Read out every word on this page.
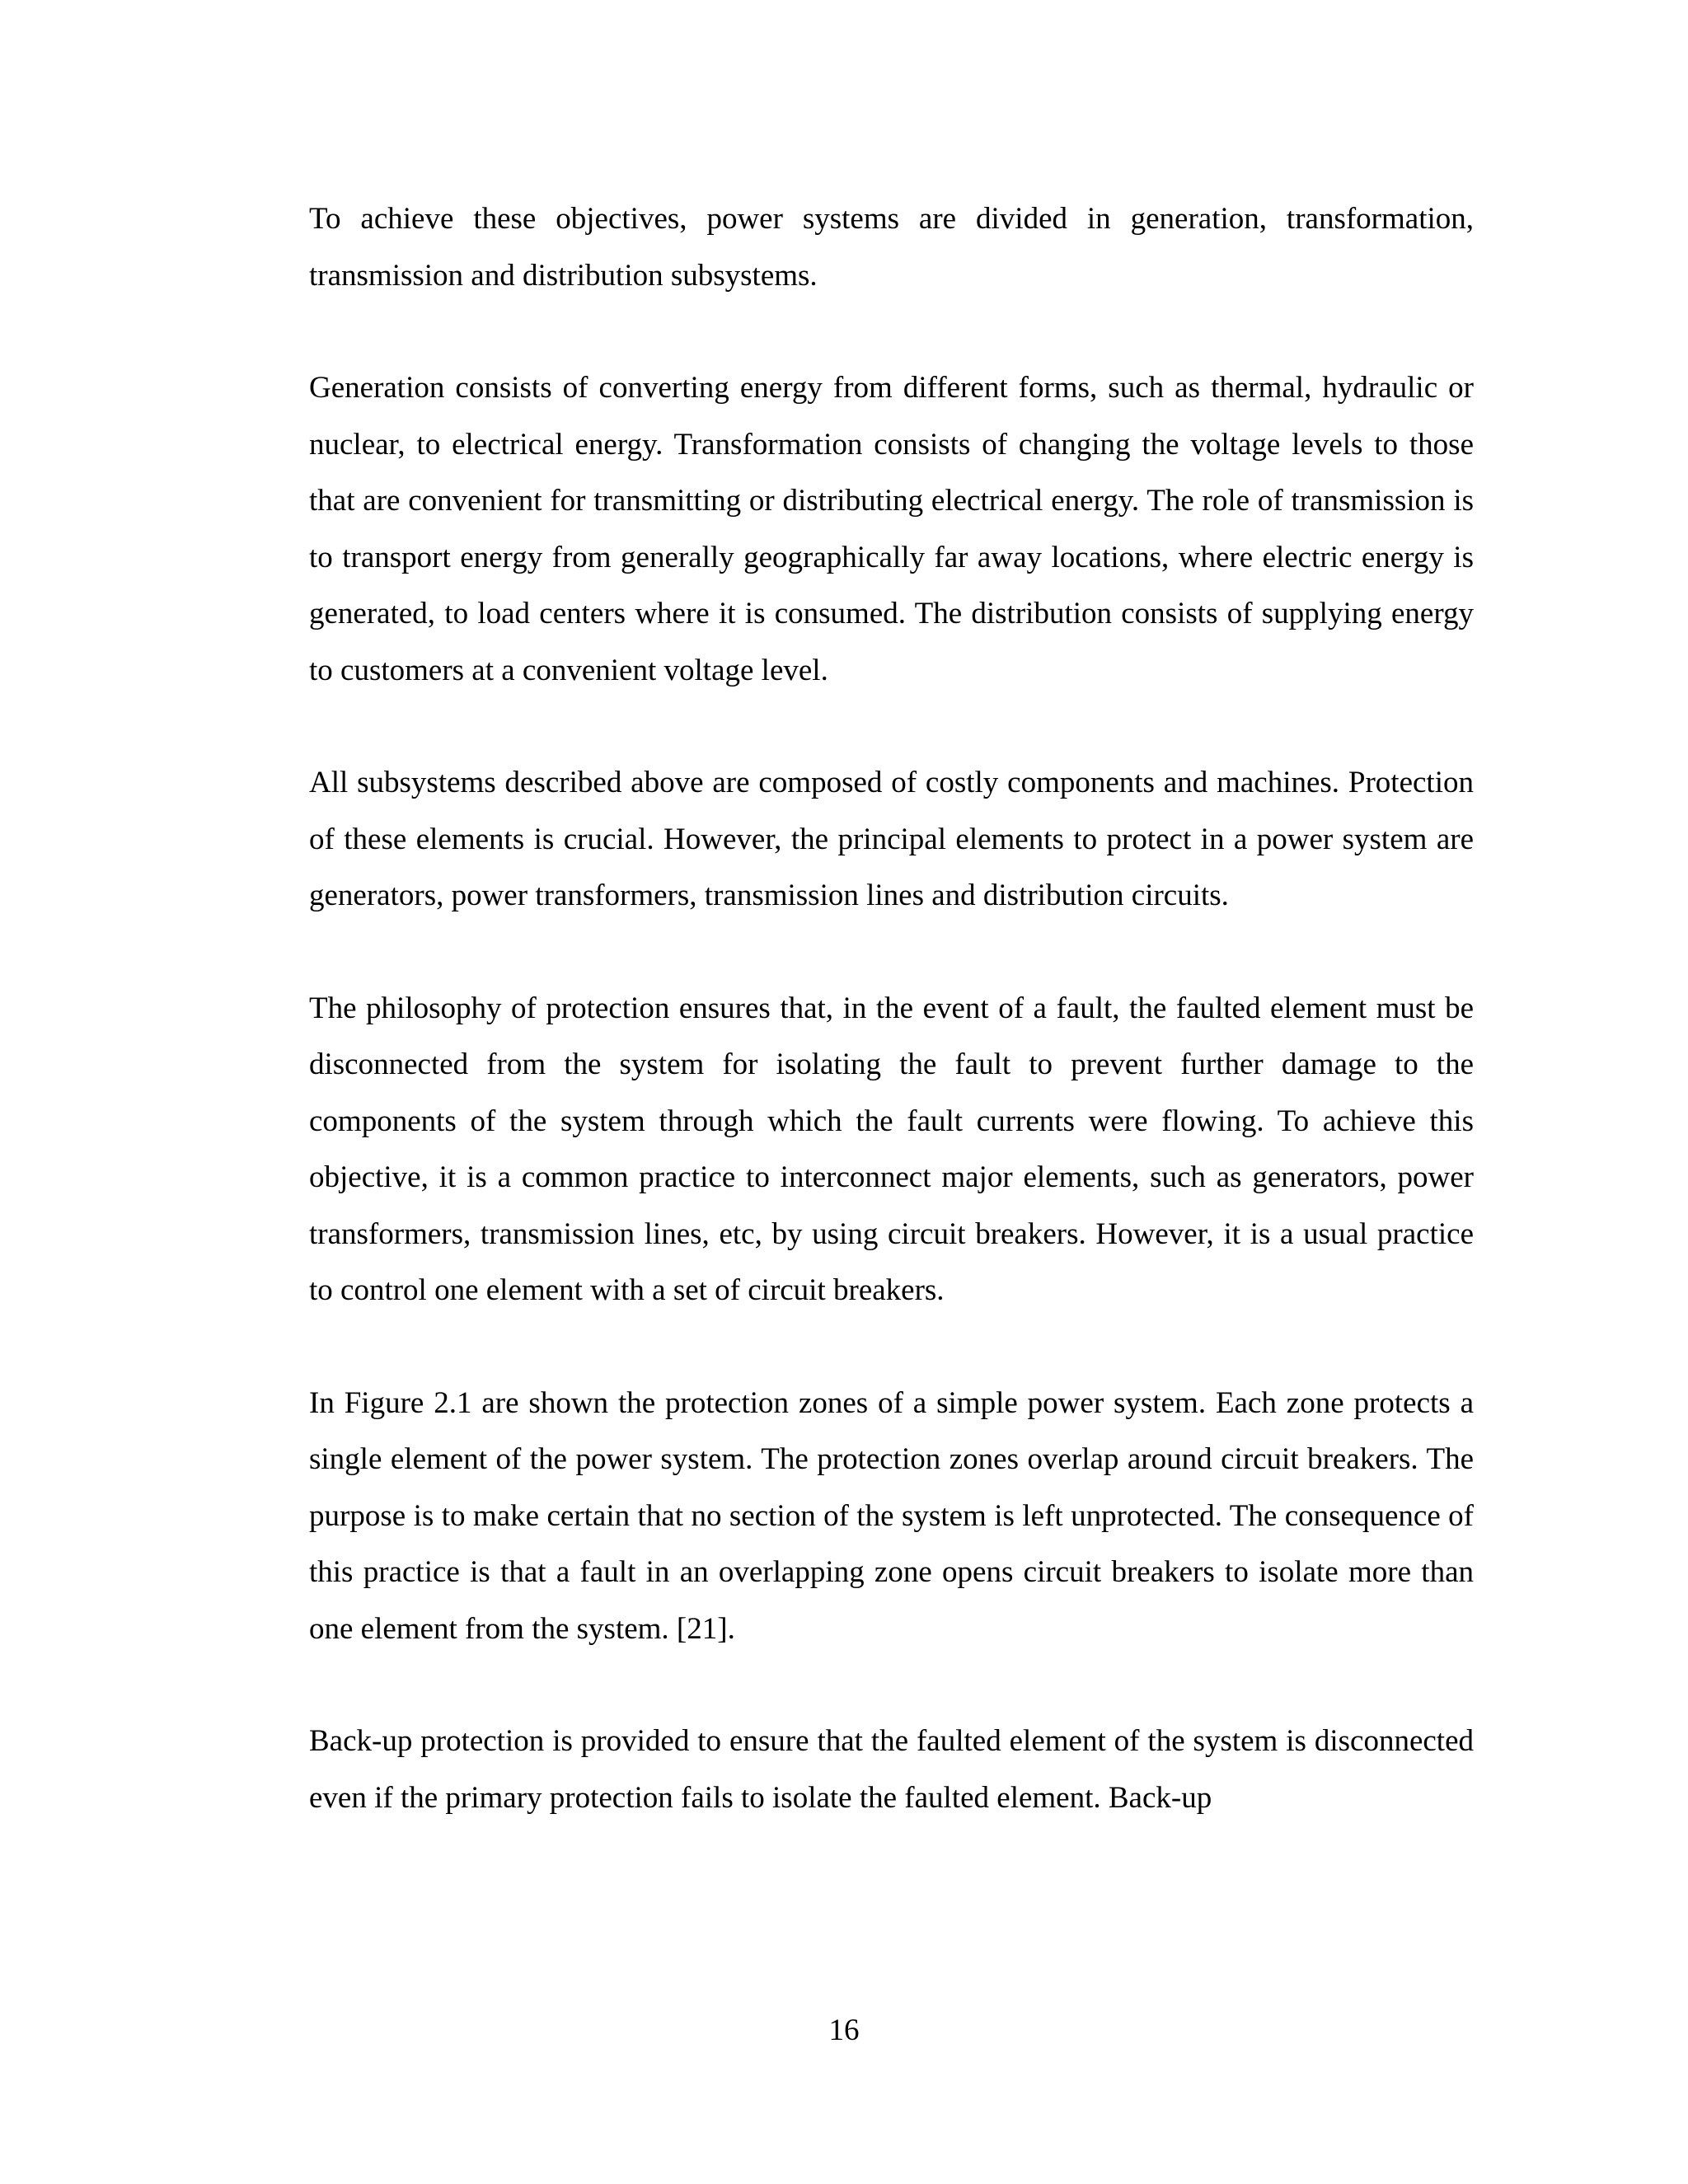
To achieve these objectives, power systems are divided in generation, transformation, transmission and distribution subsystems.

Generation consists of converting energy from different forms, such as thermal, hydraulic or nuclear, to electrical energy. Transformation consists of changing the voltage levels to those that are convenient for transmitting or distributing electrical energy. The role of transmission is to transport energy from generally geographically far away locations, where electric energy is generated, to load centers where it is consumed. The distribution consists of supplying energy to customers at a convenient voltage level.

All subsystems described above are composed of costly components and machines. Protection of these elements is crucial. However, the principal elements to protect in a power system are generators, power transformers, transmission lines and distribution circuits.

The philosophy of protection ensures that, in the event of a fault, the faulted element must be disconnected from the system for isolating the fault to prevent further damage to the components of the system through which the fault currents were flowing. To achieve this objective, it is a common practice to interconnect major elements, such as generators, power transformers, transmission lines, etc, by using circuit breakers. However, it is a usual practice to control one element with a set of circuit breakers.

In Figure 2.1 are shown the protection zones of a simple power system. Each zone protects a single element of the power system. The protection zones overlap around circuit breakers. The purpose is to make certain that no section of the system is left unprotected. The consequence of this practice is that a fault in an overlapping zone opens circuit breakers to isolate more than one element from the system. [21].

Back-up protection is provided to ensure that the faulted element of the system is disconnected even if the primary protection fails to isolate the faulted element. Back-up

16
